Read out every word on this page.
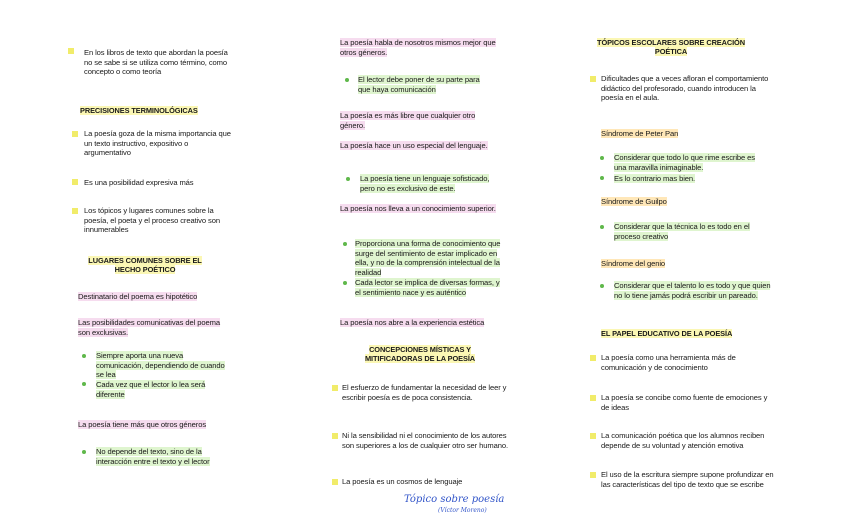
En los libros de texto que abordan la poesía no se sabe si se utiliza como término, como concepto o como teoría
PRECISIONES TERMINOLÓGICAS
La poesía goza de la misma importancia que un texto instructivo, expositivo o argumentativo
Es una posibilidad expresiva más
Los tópicos y lugares comunes sobre la poesía, el poeta y el proceso creativo son innumerables
LUGARES COMUNES SOBRE EL HECHO POÉTICO
Destinatario del poema es hipotético
Las posibilidades comunicativas del poema son exclusivas.
Siempre aporta una nueva comunicación, dependiendo de cuando se lea
Cada vez que el lector lo lea será diferente
La poesía tiene más que otros géneros
No depende del texto, sino de la interacción entre el texto y el lector
La poesía habla de nosotros mismos mejor que otros géneros.
El lector debe poner de su parte para que haya comunicación
La poesía es más libre que cualquier otro género.
La poesía hace un uso especial del lenguaje.
La poesía tiene un lenguaje sofisticado, pero no es exclusivo de este.
La poesía nos lleva a un conocimiento superior.
Proporciona una forma de conocimiento que surge del sentimiento de estar implicado en ella, y no de la comprensión intelectual de la realidad
Cada lector se implica de diversas formas, y el sentimiento nace y es auténtico
La poesía nos abre a la experiencia estética
CONCEPCIONES MÍSTICAS Y MITIFICADORAS DE LA POESÍA
El esfuerzo de fundamentar la necesidad de leer y escribir poesía es de poca consistencia.
Ni la sensibilidad ni el conocimiento de los autores son superiores a los de cualquier otro ser humano.
La poesía es un cosmos de lenguaje
Tópico sobre poesía
(Víctor Moreno)
TÓPICOS ESCOLARES SOBRE CREACIÓN POÉTICA
Dificultades que a veces afloran el comportamiento didáctico del profesorado, cuando introducen la poesía en el aula.
Síndrome de Peter Pan
Considerar que todo lo que rime escribe es una maravilla inimaginable.
Es lo contrario mas bien.
Síndrome de Guilpo
Considerar que la técnica lo es todo en el proceso creativo
Síndrome del genio
Considerar que el talento lo es todo y que quien no lo tiene jamás podrá escribir un pareado.
EL PAPEL EDUCATIVO DE LA POESÍA
La poesía como una herramienta más de comunicación y de conocimiento
La poesía se concibe como fuente de emociones y de ideas
La comunicación poética que los alumnos reciben depende de su voluntad y atención emotiva
El uso de la escritura siempre supone profundizar en las características del tipo de texto que se escribe
